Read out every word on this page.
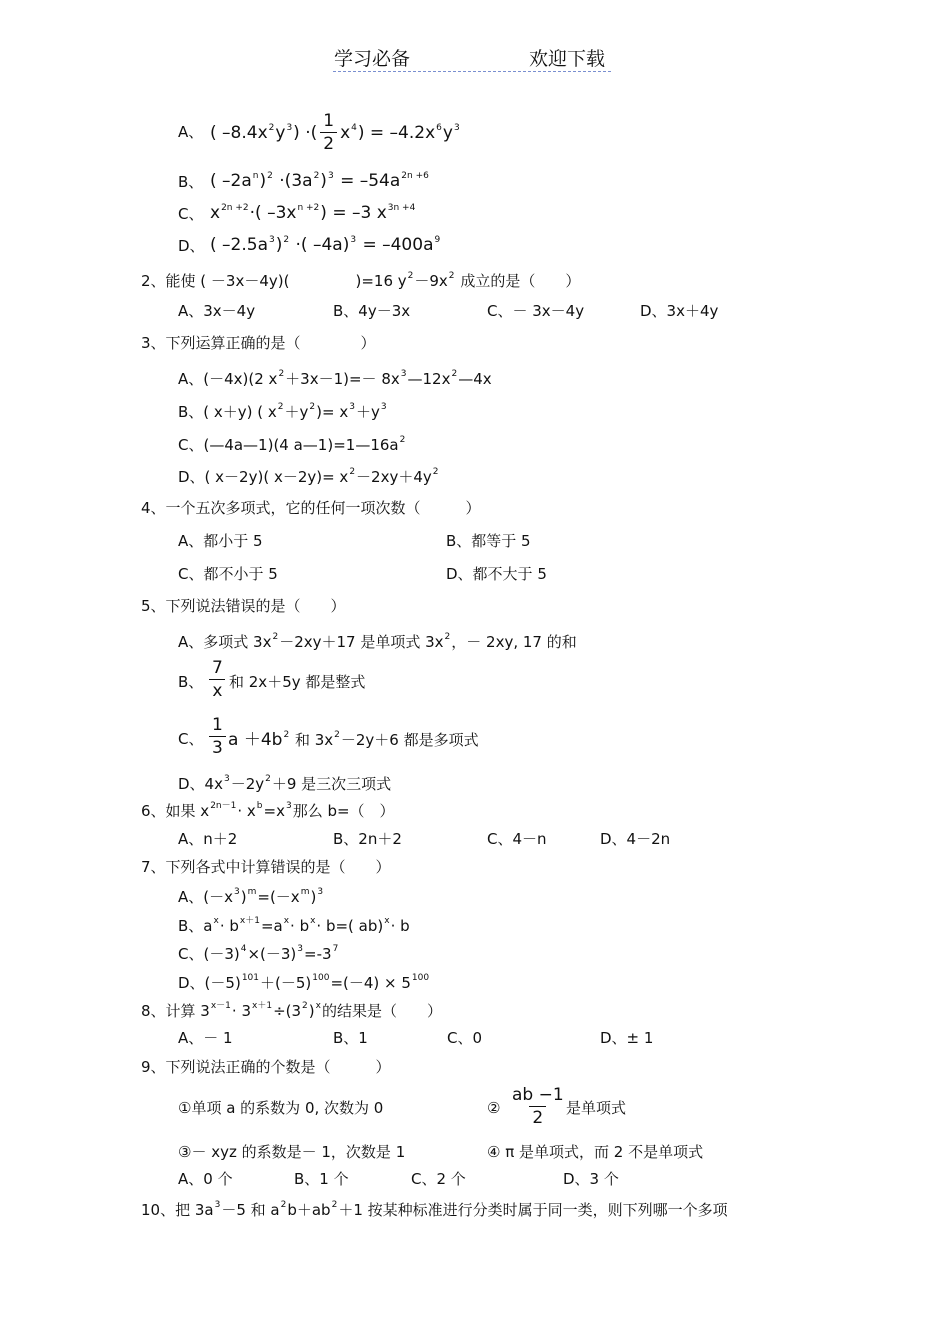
学习必备	欢迎下载
A、 ( $-8.4x^2y^3$) ·( $\frac{1}{2} x^4) = -4.2x^6y^3$
B、 ( $-2a^n)^2 \cdot(3a^2)^3 = -54a^{2n +6}$
C、 $x^{2n +2}\cdot$( $-3x^{n +2}) = -3$ $x^{3n +4}$
D、 ( $-2.5a^3)^2$ ·( $-4a)^3 = -400a^9$
2、能使 ( －3x－4y)(	)=16 $y^2-9x^2$ 成立的是（　　）
A、3x－4y	B、4y－3x	C、－ 3x－4y	D、3x＋4y
3、下列运算正确的是（　　　　）
A、(－4x)(2 $x^2+3x-1)=-$ $8x^3—12x^2—4x$
B、( x＋y) ( $x^2+y^2)= x^3+y^3$
C、(—4a—1)(4 $a—1)=1—16a^2$
D、( x－2y)( $x-2y)= x^2-2xy+4y^2$
4、一个五次多项式，它的任何一项次数（　　　）
A、都小于 5	B、都等于 5
C、都不小于 5	D、都不大于 5
5、下列说法错误的是（　　）
A、多项式 $3x^2-2xy+17$ 是单项式 $3x^2$，－ 2xy, 17 的和
B、 $\frac{7}{x}$ 和 2x＋5y 都是整式
C、 $\frac{1}{3}$ $a +4b^2$ 和 $3x^2-2y+6$ 都是多项式
D、$4x^3-2y^2+9$ 是三次三项式
6、如果 $x^{2n-1}\cdot x^b=x^3$那么 b=（　）
A、n＋2	B、2n＋2	C、4－n	D、4－2n
7、下列各式中计算错误的是（　　）
A、$(-x^3)^m=(-x^m)^3$
B、$a^x\cdot b^{x+1}=a^x\cdot b^x\cdot b=$( ab)$^x$· b
C、$(-3)^4\times(-3)^3=-3^7$
D、$(-5)^{101}+(-5)^{100}=(-4) \times 5^{100}$
8、计算 $3^{x-1}\cdot 3^{x+1}\div(3^2)^x$的结果是（　　）
A、－ 1	B、1	C、0	D、± 1
9、下列说法正确的个数是（　　　）
①单项 a 的系数为 0, 次数为 0	② $\frac{ab -1}{2}$ 是单项式
③－ xyz 的系数是－ 1，次数是 1	④ π 是单项式，而 2 不是单项式
A、0 个	B、1 个	C、2 个	D、3 个
10、把 $3a^3-5$ 和 $a^2b+ab^2+1$ 按某种标准进行分类时属于同一类，则下列哪一个多项
